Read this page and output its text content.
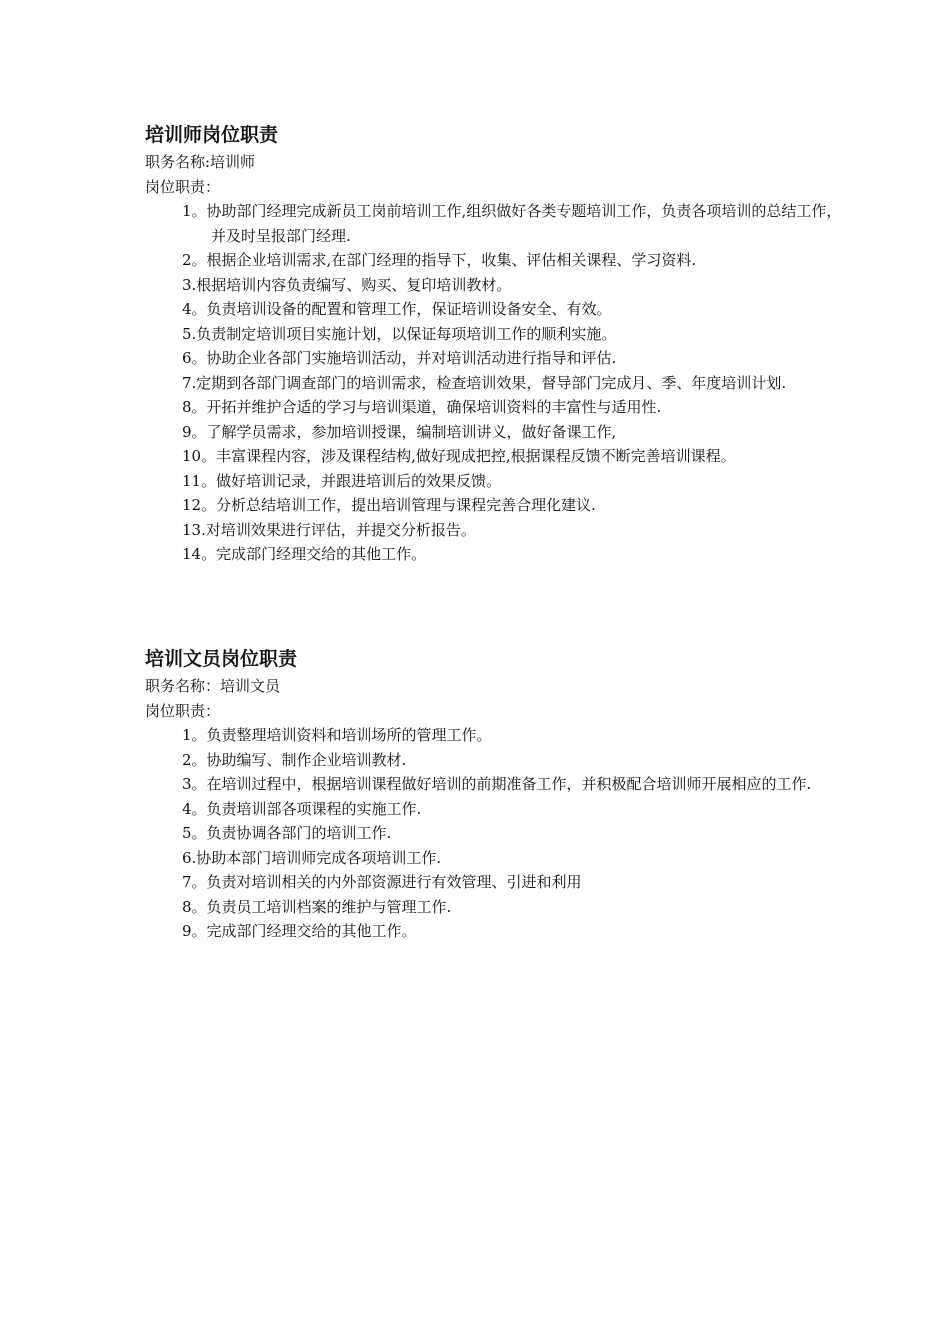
培训师岗位职责
职务名称:培训师
岗位职责：
1。协助部门经理完成新员工岗前培训工作,组织做好各类专题培训工作，负责各项培训的总结工作，并及时呈报部门经理.
2。根据企业培训需求,在部门经理的指导下，收集、评估相关课程、学习资料.
3.根据培训内容负责编写、购买、复印培训教材。
4。负责培训设备的配置和管理工作，保证培训设备安全、有效。
5.负责制定培训项目实施计划，以保证每项培训工作的顺利实施。
6。协助企业各部门实施培训活动，并对培训活动进行指导和评估.
7.定期到各部门调查部门的培训需求，检查培训效果，督导部门完成月、季、年度培训计划.
8。开拓并维护合适的学习与培训渠道，确保培训资料的丰富性与适用性.
9。了解学员需求，参加培训授课，编制培训讲义，做好备课工作,
10。丰富课程内容，涉及课程结构,做好现成把控,根据课程反馈不断完善培训课程。
11。做好培训记录，并跟进培训后的效果反馈。
12。分析总结培训工作，提出培训管理与课程完善合理化建议.
13.对培训效果进行评估，并提交分析报告。
14。完成部门经理交给的其他工作。
培训文员岗位职责
职务名称：培训文员
岗位职责：
1。负责整理培训资料和培训场所的管理工作。
2。协助编写、制作企业培训教材.
3。在培训过程中，根据培训课程做好培训的前期准备工作，并积极配合培训师开展相应的工作.
4。负责培训部各项课程的实施工作.
5。负责协调各部门的培训工作.
6.协助本部门培训师完成各项培训工作.
7。负责对培训相关的内外部资源进行有效管理、引进和利用
8。负责员工培训档案的维护与管理工作.
9。完成部门经理交给的其他工作。
